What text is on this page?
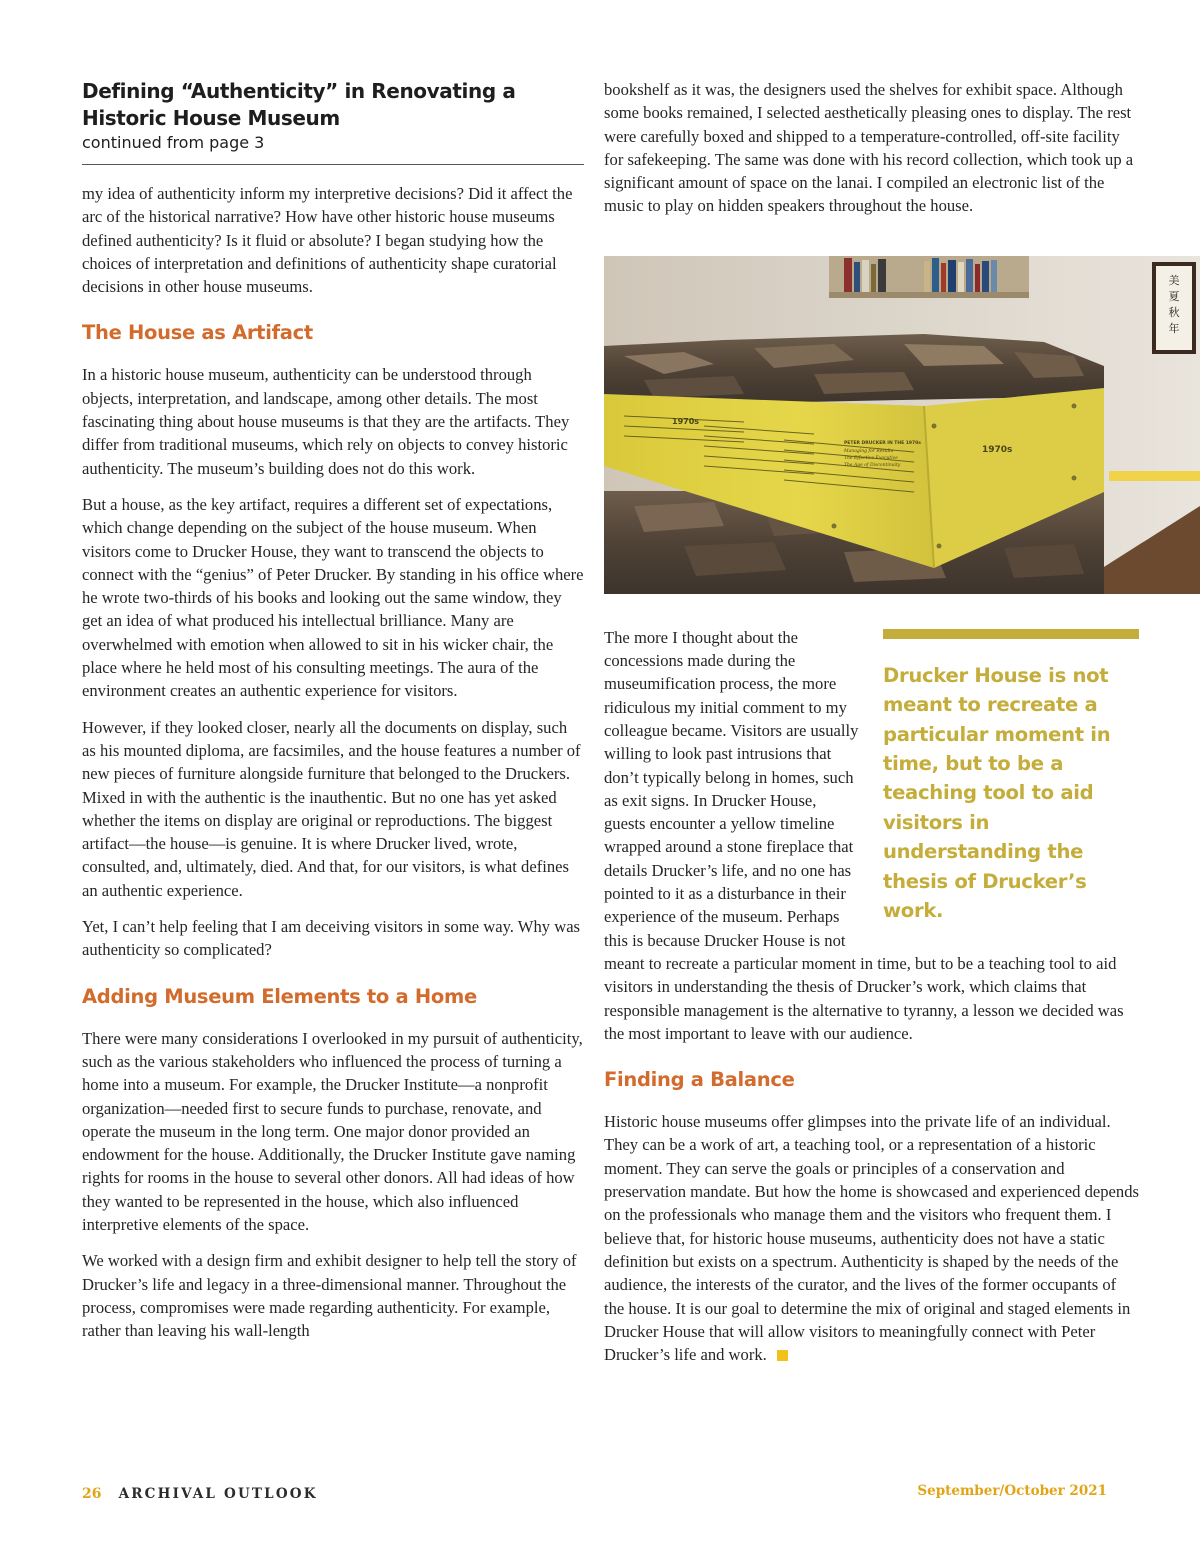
Defining “Authenticity” in Renovating a Historic House Museum

continued from page 3

my idea of authenticity inform my interpretive decisions? Did it affect the arc of the historical narrative? How have other historic house museums defined authenticity? Is it fluid or absolute? I began studying how the choices of interpretation and definitions of authenticity shape curatorial decisions in other house museums.

The House as Artifact

In a historic house museum, authenticity can be understood through objects, interpretation, and landscape, among other details. The most fascinating thing about house museums is that they are the artifacts. They differ from traditional museums, which rely on objects to convey historic authenticity. The museum’s building does not do this work.

But a house, as the key artifact, requires a different set of expectations, which change depending on the subject of the house museum. When visitors come to Drucker House, they want to transcend the objects to connect with the “genius” of Peter Drucker. By standing in his office where he wrote two-thirds of his books and looking out the same window, they get an idea of what produced his intellectual brilliance. Many are overwhelmed with emotion when allowed to sit in his wicker chair, the place where he held most of his consulting meetings. The aura of the environment creates an authentic experience for visitors.

However, if they looked closer, nearly all the documents on display, such as his mounted diploma, are facsimiles, and the house features a number of new pieces of furniture alongside furniture that belonged to the Druckers. Mixed in with the authentic is the inauthentic. But no one has yet asked whether the items on display are original or reproductions. The biggest artifact—the house—is genuine. It is where Drucker lived, wrote, consulted, and, ultimately, died. And that, for our visitors, is what defines an authentic experience.

Yet, I can’t help feeling that I am deceiving visitors in some way. Why was authenticity so complicated?

Adding Museum Elements to a Home

There were many considerations I overlooked in my pursuit of authenticity, such as the various stakeholders who influenced the process of turning a home into a museum. For example, the Drucker Institute—a nonprofit organization—needed first to secure funds to purchase, renovate, and operate the museum in the long term. One major donor provided an endowment for the house. Additionally, the Drucker Institute gave naming rights for rooms in the house to several other donors. All had ideas of how they wanted to be represented in the house, which also influenced interpretive elements of the space.

We worked with a design firm and exhibit designer to help tell the story of Drucker’s life and legacy in a three-dimensional manner. Throughout the process, compromises were made regarding authenticity. For example, rather than leaving his wall-length

bookshelf as it was, the designers used the shelves for exhibit space. Although some books remained, I selected aesthetically pleasing ones to display. The rest were carefully boxed and shipped to a temperature-controlled, off-site facility for safekeeping. The same was done with his record collection, which took up a significant amount of space on the lanai. I compiled an electronic list of the music to play on hidden speakers throughout the house.

美
夏
秋
年
1970s
PETER DRUCKER IN THE 1970s
Managing for Results
The Effective Executive
The Age of Discontinuity
1970s

Drucker House is not meant to recreate a particular moment in time, but to be a teaching tool to aid visitors in understanding the thesis of Drucker’s work.
The more I thought about the concessions made during the museumification process, the more ridiculous my initial comment to my colleague became. Visitors are usually willing to look past intrusions that don’t typically belong in homes, such as exit signs. In Drucker House, guests encounter a yellow timeline wrapped around a stone fireplace that details Drucker’s life, and no one has pointed to it as a disturbance in their experience of the museum. Perhaps this is because Drucker House is not meant to recreate a particular moment in time, but to be a teaching tool to aid visitors in understanding the thesis of Drucker’s work, which claims that responsible management is the alternative to tyranny, a lesson we decided was the most important to leave with our audience.

Finding a Balance

Historic house museums offer glimpses into the private life of an individual. They can be a work of art, a teaching tool, or a representation of a historic moment. They can serve the goals or principles of a conservation and preservation mandate. But how the home is showcased and experienced depends on the professionals who manage them and the visitors who frequent them. I believe that, for historic house museums, authenticity does not have a static definition but exists on a spectrum. Authenticity is shaped by the needs of the audience, the interests of the curator, and the lives of the former occupants of the house. It is our goal to determine the mix of original and staged elements in Drucker House that will allow visitors to meaningfully connect with Peter Drucker’s life and work.

26 ARCHIVAL OUTLOOK	September/October 2021
